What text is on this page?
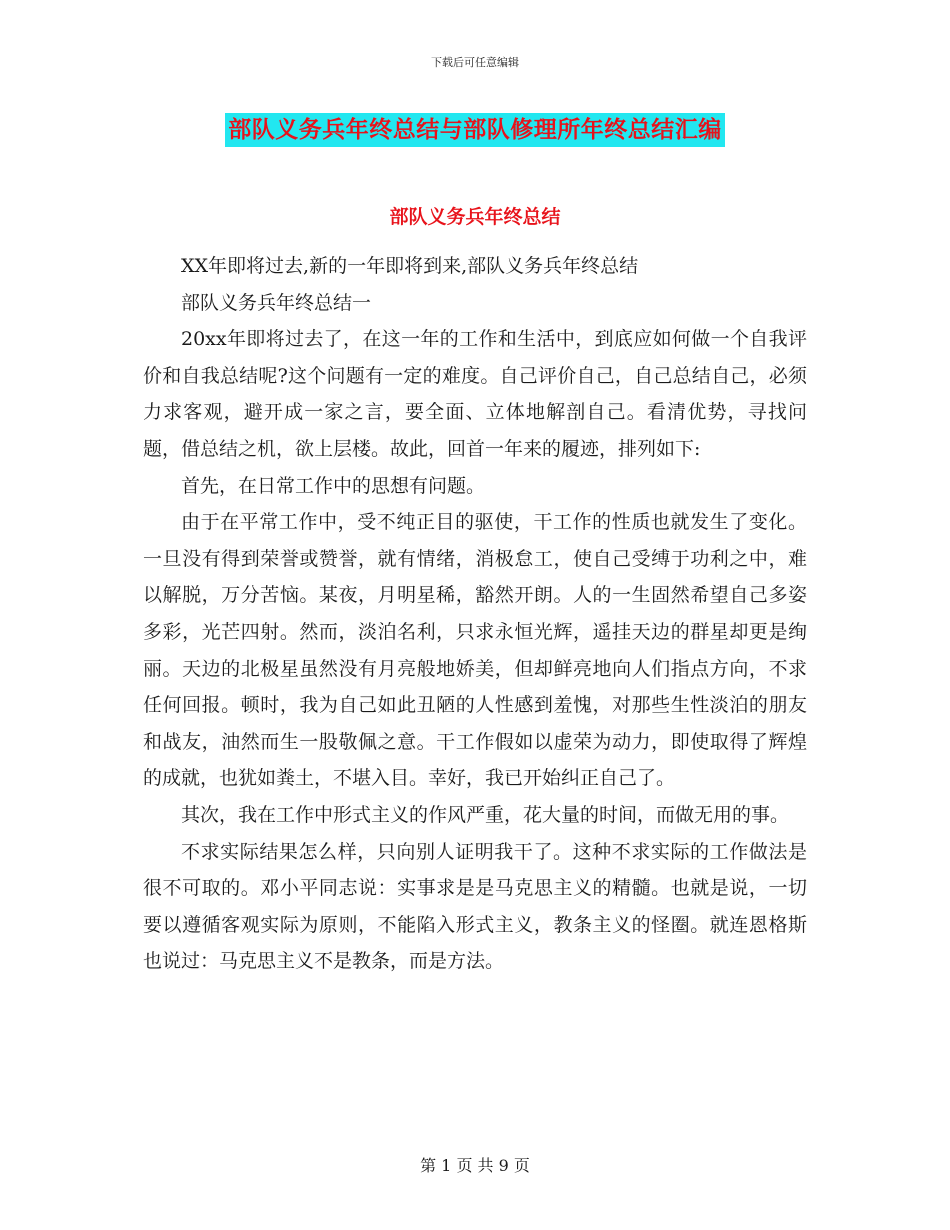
下载后可任意编辑
部队义务兵年终总结与部队修理所年终总结汇编
部队义务兵年终总结

XX年即将过去,新的一年即将到来,部队义务兵年终总结

部队义务兵年终总结一

20xx年即将过去了，在这一年的工作和生活中，到底应如何做一个自我评价和自我总结呢?这个问题有一定的难度。自己评价自己，自己总结自己，必须力求客观，避开成一家之言，要全面、立体地解剖自己。看清优势，寻找问题，借总结之机，欲上层楼。故此，回首一年来的履迹，排列如下:

首先，在日常工作中的思想有问题。

由于在平常工作中，受不纯正目的驱使，干工作的性质也就发生了变化。一旦没有得到荣誉或赞誉，就有情绪，消极怠工，使自己受缚于功利之中，难以解脱，万分苦恼。某夜，月明星稀，豁然开朗。人的一生固然希望自己多姿多彩，光芒四射。然而，淡泊名利，只求永恒光辉，遥挂天边的群星却更是绚丽。天边的北极星虽然没有月亮般地娇美，但却鲜亮地向人们指点方向，不求任何回报。顿时，我为自己如此丑陋的人性感到羞愧，对那些生性淡泊的朋友和战友，油然而生一股敬佩之意。干工作假如以虚荣为动力，即使取得了辉煌的成就，也犹如粪土，不堪入目。幸好，我已开始纠正自己了。

其次，我在工作中形式主义的作风严重，花大量的时间，而做无用的事。

不求实际结果怎么样，只向别人证明我干了。这种不求实际的工作做法是很不可取的。邓小平同志说：实事求是是马克思主义的精髓。也就是说，一切要以遵循客观实际为原则，不能陷入形式主义，教条主义的怪圈。就连恩格斯也说过：马克思主义不是教条，而是方法。

第 1 页 共 9 页
